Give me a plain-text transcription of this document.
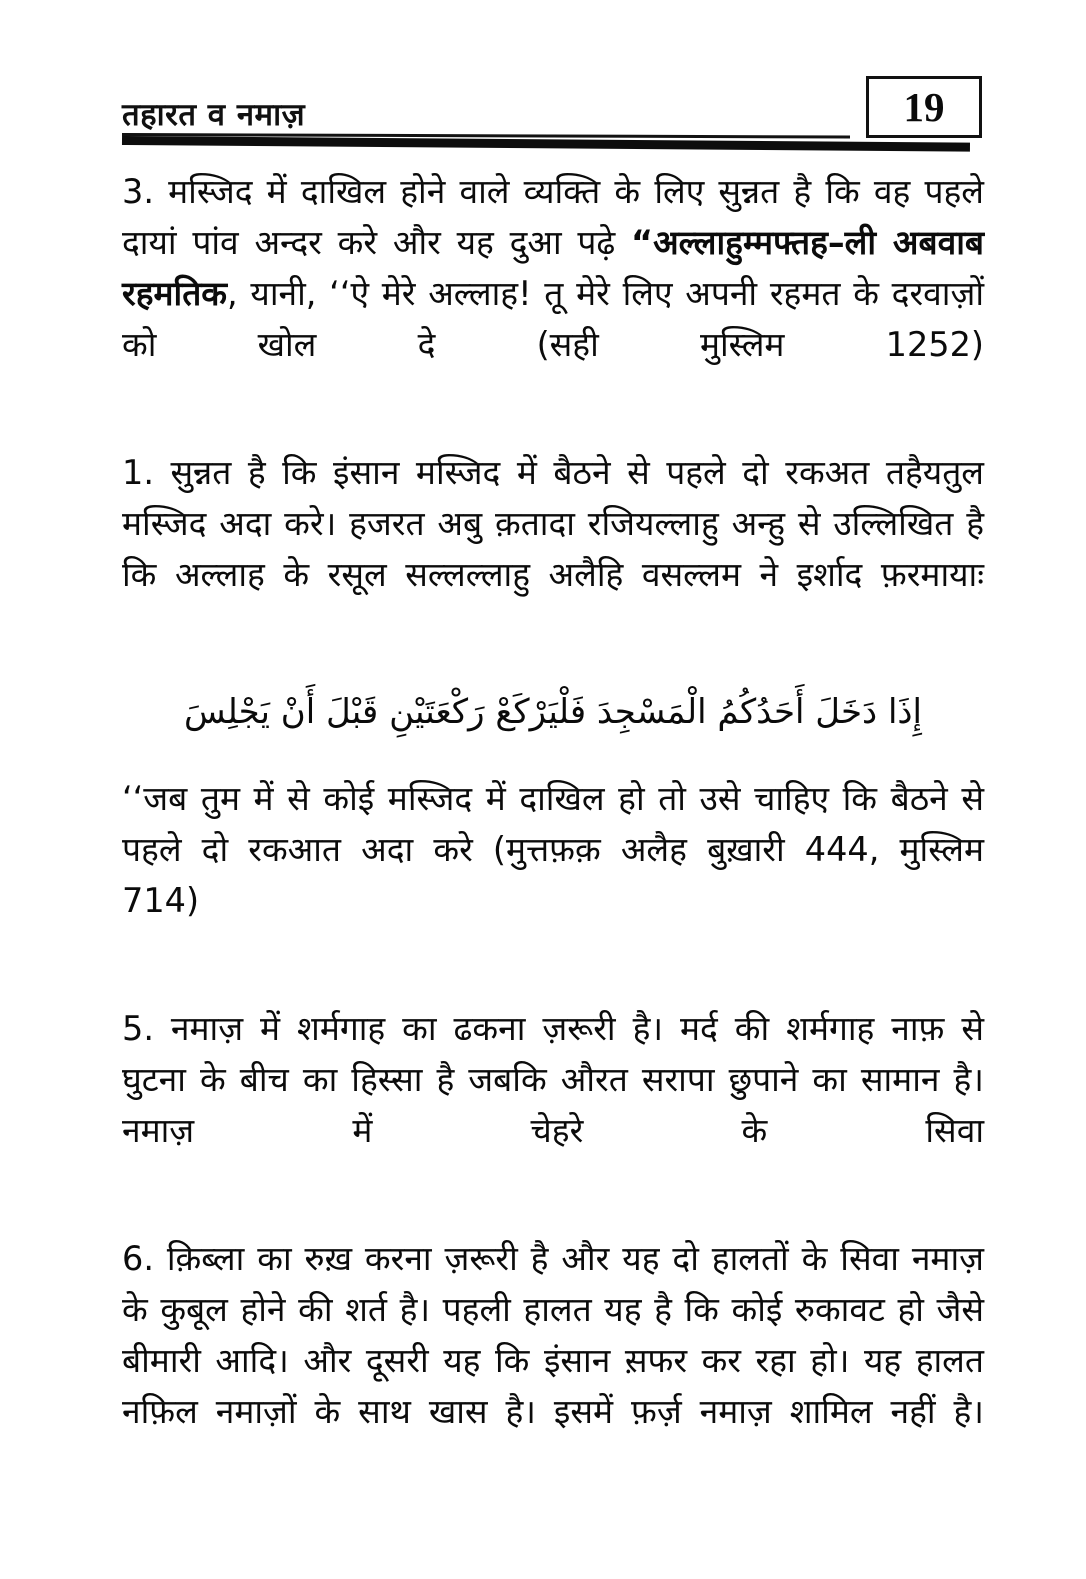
तहारत व नमाज़	19

3. मस्जिद में दाखिल होने वाले व्यक्ति के लिए सुन्नत है कि वह पहले दायां पांव अन्दर करे और यह दुआ पढ़े “अल्लाहुम्मफ्तह–ली अबवाब रहमतिक, यानी, ‘‘ऐ मेरे अल्लाह! तू मेरे लिए अपनी रहमत के दरवाज़ों को खोल दे (सही मुस्लिम 1252)

1. सुन्नत है कि इंसान मस्जिद में बैठने से पहले दो रकअत तहैयतुल मस्जिद अदा करे। हजरत अबु क़तादा रजियल्लाहु अन्हु से उल्लिखित है कि अल्लाह के रसूल सल्लल्लाहु अलैहि वसल्लम ने इर्शाद फ़रमायाः

إِذَا دَخَلَ أَحَدُكُمُ الْمَسْجِدَ فَلْيَرْكَعْ رَكْعَتَيْنِ قَبْلَ أَنْ يَجْلِسَ

‘‘जब तुम में से कोई मस्जिद में दाखिल हो तो उसे चाहिए कि बैठने से पहले दो रकआत अदा करे (मुत्तफ़क़ अलैह बुख़ारी 444, मुस्लिम 714)

5. नमाज़ में शर्मगाह का ढकना ज़रूरी है। मर्द की शर्मगाह नाफ़ से घुटना के बीच का हिस्सा है जबकि औरत सरापा छुपाने का सामान है। नमाज़ में चेहरे के सिवा

6. क़िब्ला का रुख़ करना ज़रूरी है और यह दो हालतों के सिवा नमाज़ के कुबूल होने की शर्त है। पहली हालत यह है कि कोई रुकावट हो जैसे बीमारी आदि। और दूसरी यह कि इंसान स़फर कर रहा हो। यह हालत नफ़िल नमाज़ों के साथ खास है। इसमें फ़र्ज़ नमाज़ शामिल नहीं है।
